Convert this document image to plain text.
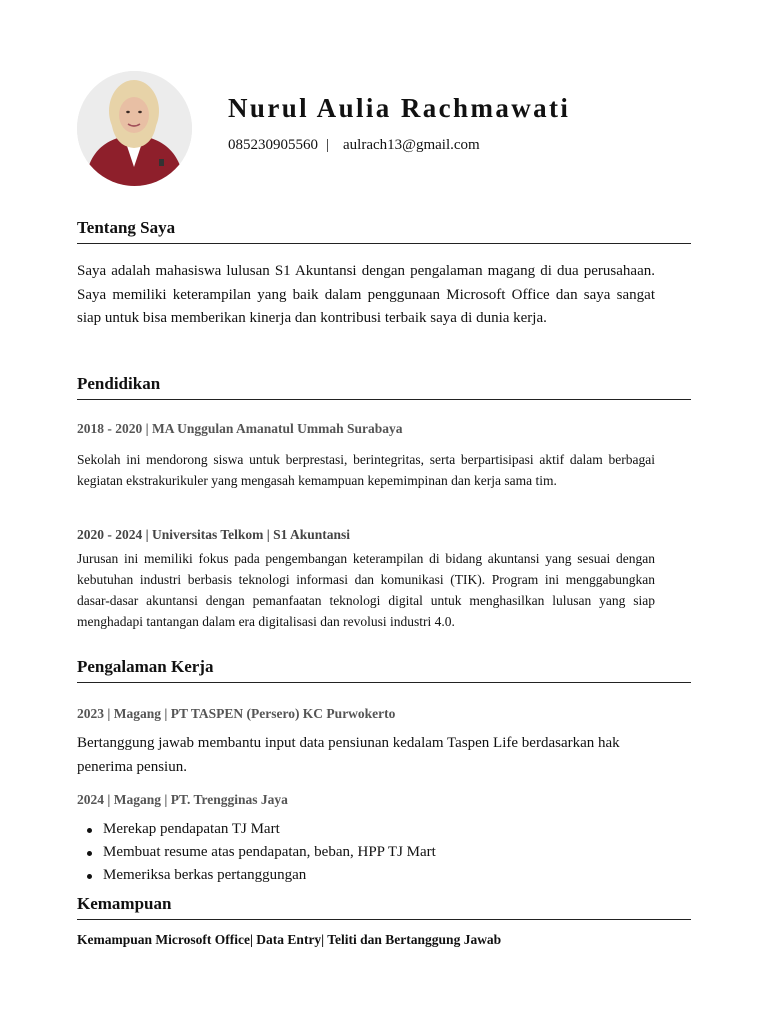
Nurul Aulia Rachmawati
085230905560 | aulrach13@gmail.com
Tentang Saya

Saya adalah mahasiswa lulusan S1 Akuntansi dengan pengalaman magang di dua perusahaan. Saya memiliki keterampilan yang baik dalam penggunaan Microsoft Office dan saya sangat siap untuk bisa memberikan kinerja dan kontribusi terbaik saya di dunia kerja.

Pendidikan
2018 - 2020 | MA Unggulan Amanatul Ummah Surabaya

Sekolah ini mendorong siswa untuk berprestasi, berintegritas, serta berpartisipasi aktif dalam berbagai kegiatan ekstrakurikuler yang mengasah kemampuan kepemimpinan dan kerja sama tim.

2020 - 2024 | Universitas Telkom | S1 Akuntansi

Jurusan ini memiliki fokus pada pengembangan keterampilan di bidang akuntansi yang sesuai dengan kebutuhan industri berbasis teknologi informasi dan komunikasi (TIK). Program ini menggabungkan dasar-dasar akuntansi dengan pemanfaatan teknologi digital untuk menghasilkan lulusan yang siap menghadapi tantangan dalam era digitalisasi dan revolusi industri 4.0.

Pengalaman Kerja
2023 | Magang | PT TASPEN (Persero) KC Purwokerto

Bertanggung jawab membantu input data pensiunan kedalam Taspen Life berdasarkan hak penerima pensiun.

2024 | Magang | PT. Trengginas Jaya
Merekap pendapatan TJ Mart
Membuat resume atas pendapatan, beban, HPP TJ Mart
Memeriksa berkas pertanggungan
Kemampuan
Kemampuan Microsoft Office| Data Entry| Teliti dan Bertanggung Jawab
